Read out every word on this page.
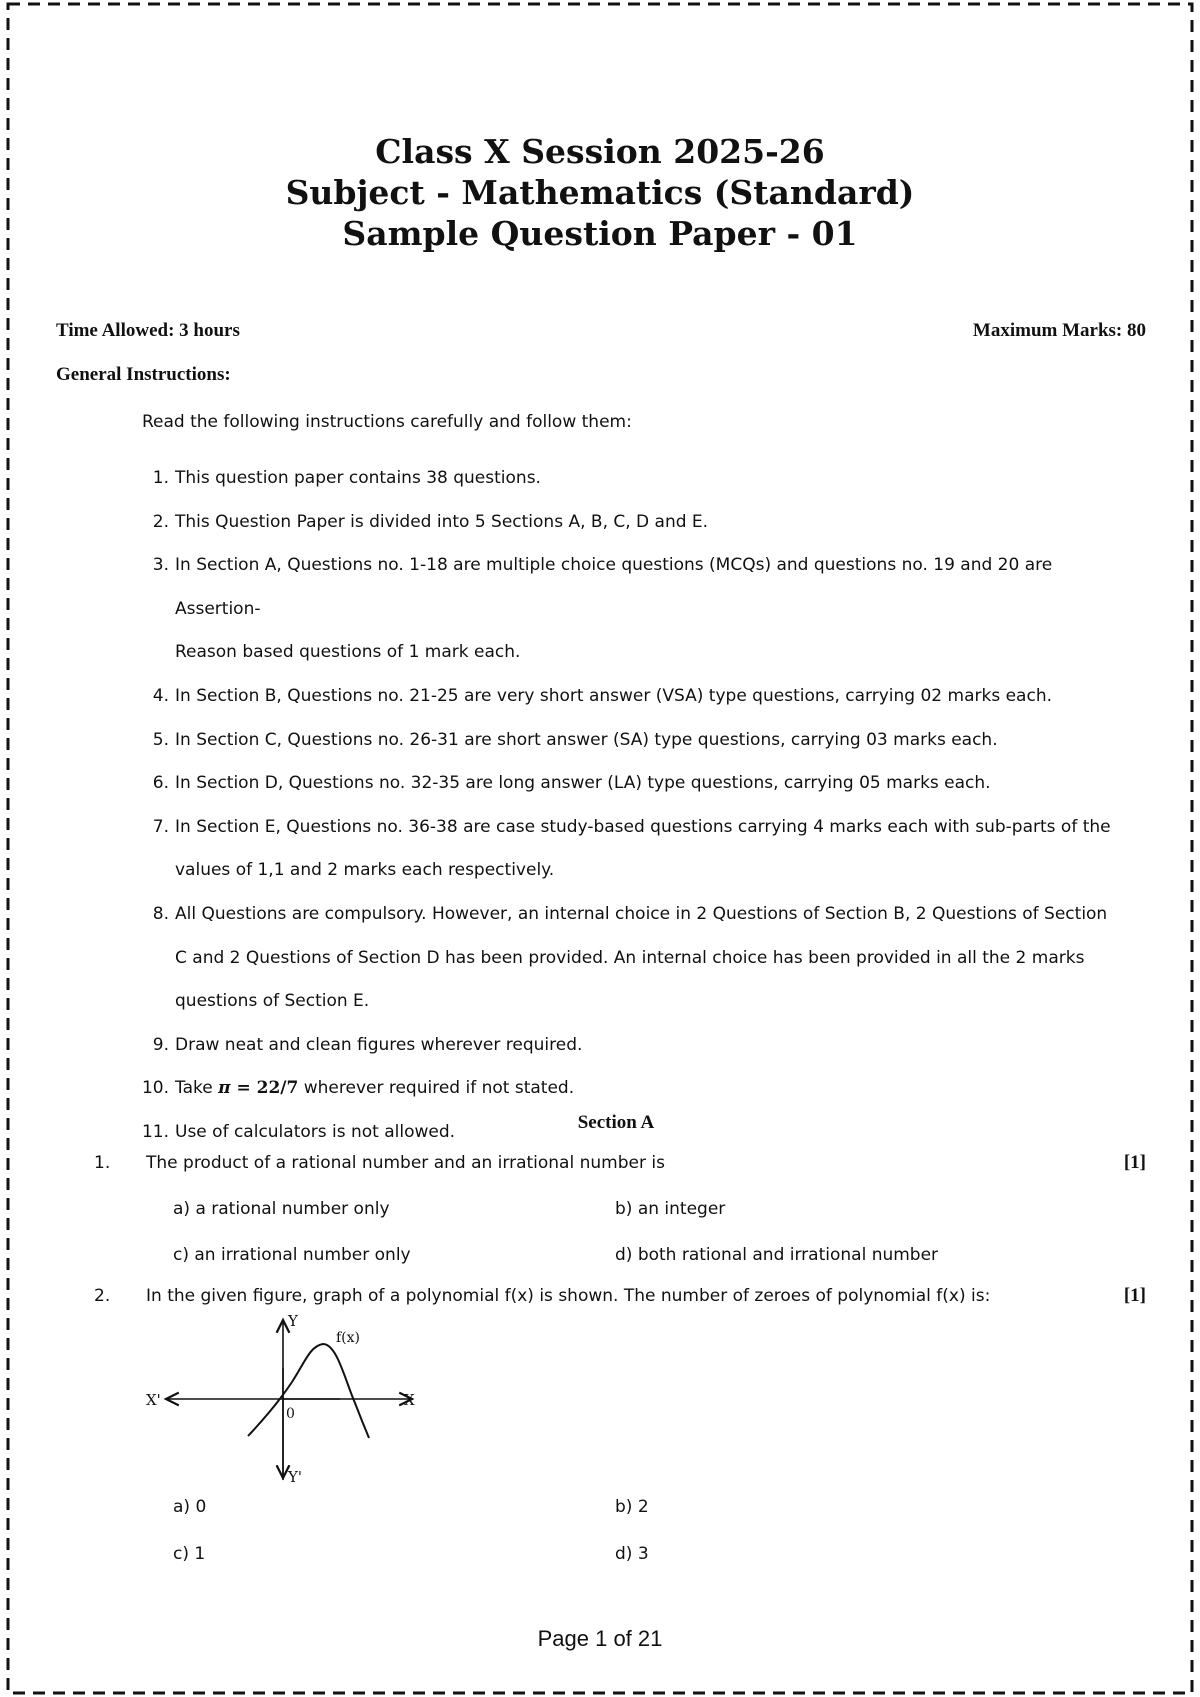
Class X Session 2025-26
Subject - Mathematics (Standard)
Sample Question Paper - 01
Time Allowed: 3 hours	Maximum Marks: 80
General Instructions:
Read the following instructions carefully and follow them:
1. This question paper contains 38 questions.
2. This Question Paper is divided into 5 Sections A, B, C, D and E.
3. In Section A, Questions no. 1-18 are multiple choice questions (MCQs) and questions no. 19 and 20 are Assertion-
Reason based questions of 1 mark each.
4. In Section B, Questions no. 21-25 are very short answer (VSA) type questions, carrying 02 marks each.
5. In Section C, Questions no. 26-31 are short answer (SA) type questions, carrying 03 marks each.
6. In Section D, Questions no. 32-35 are long answer (LA) type questions, carrying 05 marks each.
7. In Section E, Questions no. 36-38 are case study-based questions carrying 4 marks each with sub-parts of the
values of 1,1 and 2 marks each respectively.
8. All Questions are compulsory. However, an internal choice in 2 Questions of Section B, 2 Questions of Section
C and 2 Questions of Section D has been provided. An internal choice has been provided in all the 2 marks
questions of Section E.
9. Draw neat and clean figures wherever required.
10. Take π = 22/7 wherever required if not stated.
11. Use of calculators is not allowed.	Section A
1. The product of a rational number and an irrational number is	[1]
a) a rational number only	b) an integer
c) an irrational number only	d) both rational and irrational number
2. In the given figure, graph of a polynomial f(x) is shown. The number of zeroes of polynomial f(x) is:	[1]
Y
Y'
X
X'
0
f(x)
a) 0	b) 2
c) 1	d) 3
Page 1 of 21
